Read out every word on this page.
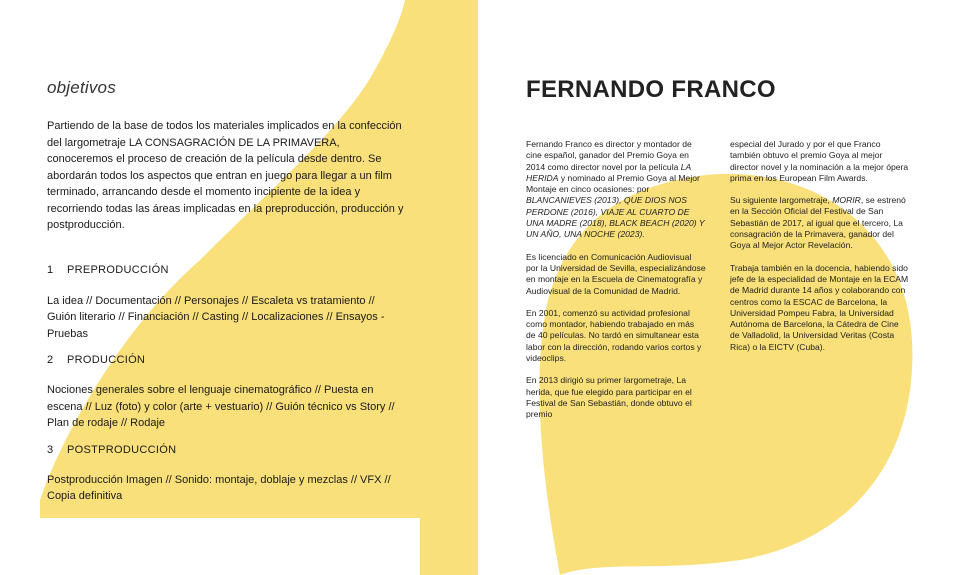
objetivos

Partiendo de la base de todos los materiales implicados en la confección del largometraje LA CONSAGRACIÓN DE LA PRIMAVERA, conoceremos el proceso de creación de la película desde dentro. Se abordarán todos los aspectos que entran en juego para llegar a un film terminado, arrancando desde el momento incipiente de la idea y recorriendo todas las áreas implicadas en la preproducción, producción y postproducción.

1 PREPRODUCCIÓN

La idea // Documentación // Personajes // Escaleta vs tratamiento // Guión literario // Financiación // Casting // Localizaciones // Ensayos - Pruebas

2 PRODUCCIÓN

Nociones generales sobre el lenguaje cinematográfico // Puesta en escena // Luz (foto) y color (arte + vestuario) // Guión técnico vs Story // Plan de rodaje // Rodaje

3 POSTPRODUCCIÓN

Postproducción Imagen // Sonido: montaje, doblaje y mezclas // VFX // Copia definitiva

FERNANDO FRANCO

Fernando Franco es director y montador de cine español, ganador del Premio Goya en 2014 como director novel por la película LA HERIDA y nominado al Premio Goya al Mejor Montaje en cinco ocasiones: por BLANCANIEVES (2013), QUE DIOS NOS PERDONE (2016), VIAJE AL CUARTO DE UNA MADRE (2018), BLACK BEACH (2020) Y UN AÑO, UNA NOCHE (2023).

Es licenciado en Comunicación Audiovisual por la Universidad de Sevilla, especializándose en montaje en la Escuela de Cinematografía y Audiovisual de la Comunidad de Madrid.

En 2001, comenzó su actividad profesional como montador, habiendo trabajado en más de 40 películas. No tardó en simultanear esta labor con la dirección, rodando varios cortos y videoclips.

En 2013 dirigió su primer largometraje, La herida, que fue elegido para participar en el Festival de San Sebastián, donde obtuvo el premio

especial del Jurado y por el que Franco también obtuvo el premio Goya al mejor director novel y la nominación a la mejor ópera prima en los European Film Awards.

Su siguiente largometraje, MORIR, se estrenó en la Sección Oficial del Festival de San Sebastián de 2017, al igual que el tercero, La consagración de la Primavera, ganador del Goya al Mejor Actor Revelación.

Trabaja también en la docencia, habiendo sido jefe de la especialidad de Montaje en la ECAM de Madrid durante 14 años y colaborando con centros como la ESCAC de Barcelona, la Universidad Pompeu Fabra, la Universidad Autónoma de Barcelona, la Cátedra de Cine de Valladolid, la Universidad Veritas (Costa Rica) o la EICTV (Cuba).
